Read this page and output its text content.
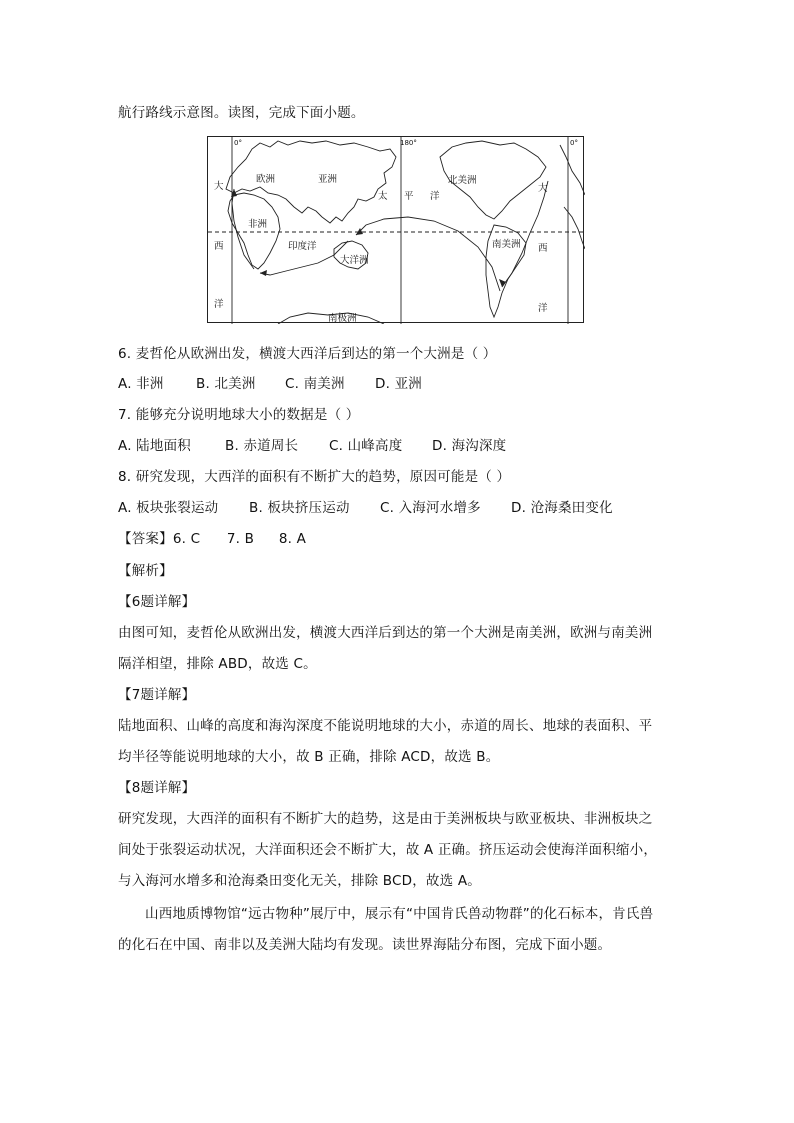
航行路线示意图。读图，完成下面小题。
0°	180°	0°
欧洲	亚洲
非洲
印度洋
大洋洲
南极洲
北美洲
南美洲
太 平 洋
大
西
洋
大
西
洋
6. 麦哲伦从欧洲出发，横渡大西洋后到达的第一个大洲是（ ）
A. 非洲 B. 北美洲 C. 南美洲 D. 亚洲
7. 能够充分说明地球大小的数据是（ ）
A. 陆地面积	B. 赤道周长 C. 山峰高度 D. 海沟深度
8. 研究发现，大西洋的面积有不断扩大的趋势，原因可能是（ ）
A. 板块张裂运动 B. 板块挤压运动 C. 入海河水增多 D. 沧海桑田变化
【答案】6. C 7. B 8. A
【解析】
【6题详解】
由图可知，麦哲伦从欧洲出发，横渡大西洋后到达的第一个大洲是南美洲，欧洲与南美洲
隔洋相望，排除 ABD，故选 C。
【7题详解】
陆地面积、山峰的高度和海沟深度不能说明地球的大小，赤道的周长、地球的表面积、平
均半径等能说明地球的大小，故 B 正确，排除 ACD，故选 B。
【8题详解】
研究发现，大西洋的面积有不断扩大的趋势，这是由于美洲板块与欧亚板块、非洲板块之
间处于张裂运动状况，大洋面积还会不断扩大，故 A 正确。挤压运动会使海洋面积缩小，
与入海河水增多和沧海桑田变化无关，排除 BCD，故选 A。
山西地质博物馆“远古物种”展厅中，展示有“中国肯氏兽动物群”的化石标本，肯氏兽
的化石在中国、南非以及美洲大陆均有发现。读世界海陆分布图，完成下面小题。
